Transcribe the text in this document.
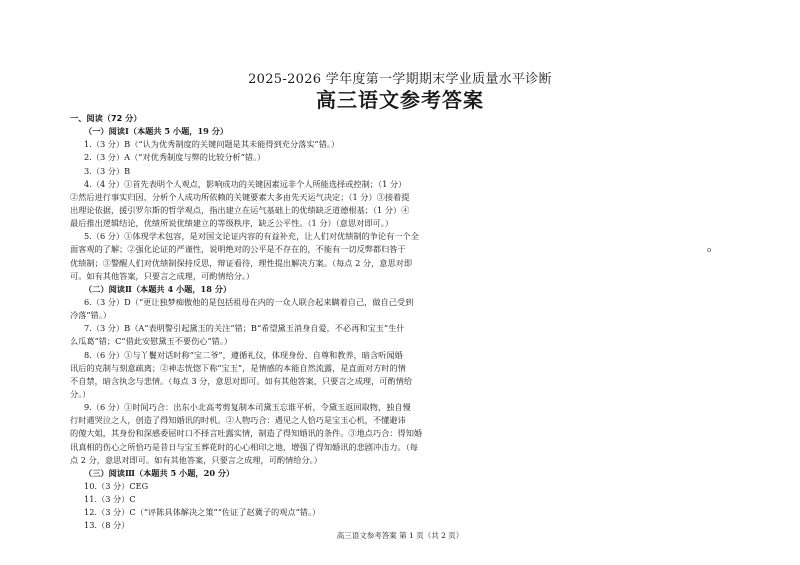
2025-2026 学年度第一学期期末学业质量水平诊断
高三语文参考答案
一、阅读（72 分）
（一）阅读Ⅰ（本题共 5 小题，19 分）
1.（3 分）B（“认为优秀制度的关键问题是其未能得到充分落实”错。）
2.（3 分）A（“对优秀制度与弊的比较分析”错。）
3.（3 分）B
4.（4 分）①首先表明个人观点，影响成功的关键因素远非个人所能选择或控制；（1 分）
②然后进行事实归因，分析个人成功所依赖的关键要素大多由先天运气决定；（1 分）③接着提
出理论依据，援引罗尔斯的哲学观点，指出建立在运气基础上的优绩缺乏道德根基；（1 分）④
最后推出逻辑结论，优绩所说优绩建立的等级秩序，缺乏公平性。（1 分）（意思对即可。）
5.（6 分）①体现学术包容，是对国文论证内容的有益补充，让人们对优绩制的争论有一个全
面客观的了解；②强化论证的严谨性，说明绝对的公平是不存在的，不能有一切反弊都归咎于
优绩制；③警醒人们对优绩制保持反思，辩证看待，理性提出解决方案。（每点 2 分，意思对即
可。如有其他答案，只要言之成理，可酌情给分。）
（二）阅读Ⅱ（本题共 4 小题，18 分）
6.（3 分）D（“更让独梦痴傲他的是包括祖母在内的一众人联合起来瞒着自己，做自己受到
冷落”错。）
7.（3 分）B（A“表明警引起黛玉的关注”错；B“希望黛玉消身自爱，不必再和宝玉”生什
么瓜葛”错；C“借此安慰黛玉不要伤心”错。）
8.（6 分）①与丫鬟对话时称“宝二爷”，遵循礼仪，体现身份、自尊和教养，暗含听闻婚
讯后的克制与刻意疏离；②神志恍惚下称“宝玉”，是情感的本能自然流露，是直面对方时的情
不自禁，暗含执念与悲情。（每点 3 分，意思对即可。如有其他答案，只要言之成理，可酌情给
分。）
9.（6 分）①时间巧合：出东小北高考剪复制本司黛玉忘谁平析，令黛玉返回取物，独自慢
行时遇哭泣之人，创造了得知婚讯的时机。②人物巧合：遇见之人恰巧是宝玉心机，不懂避讳
的傻大姐，其身份和深感委屈时口不择言吐露实情，制造了得知婚讯的条件。③地点巧合：得知婚
讯真相的伤心之所恰巧是昔日与宝玉葬花时的心心相印之地，增强了得知婚讯的悲剧冲击力。（每
点 2 分，意思对即可。如有其他答案，只要言之成理，可酌情给分。）
（三）阅读Ⅲ（本题共 5 小题，20 分）
10.（3 分）CEG
11.（3 分）C
12.（3 分）C（“评陈具体解决之策”“佐证了赵冀子的观点”错。）
13.（8 分）
o
高三语文参考答案 第 1 页（共 2 页）
